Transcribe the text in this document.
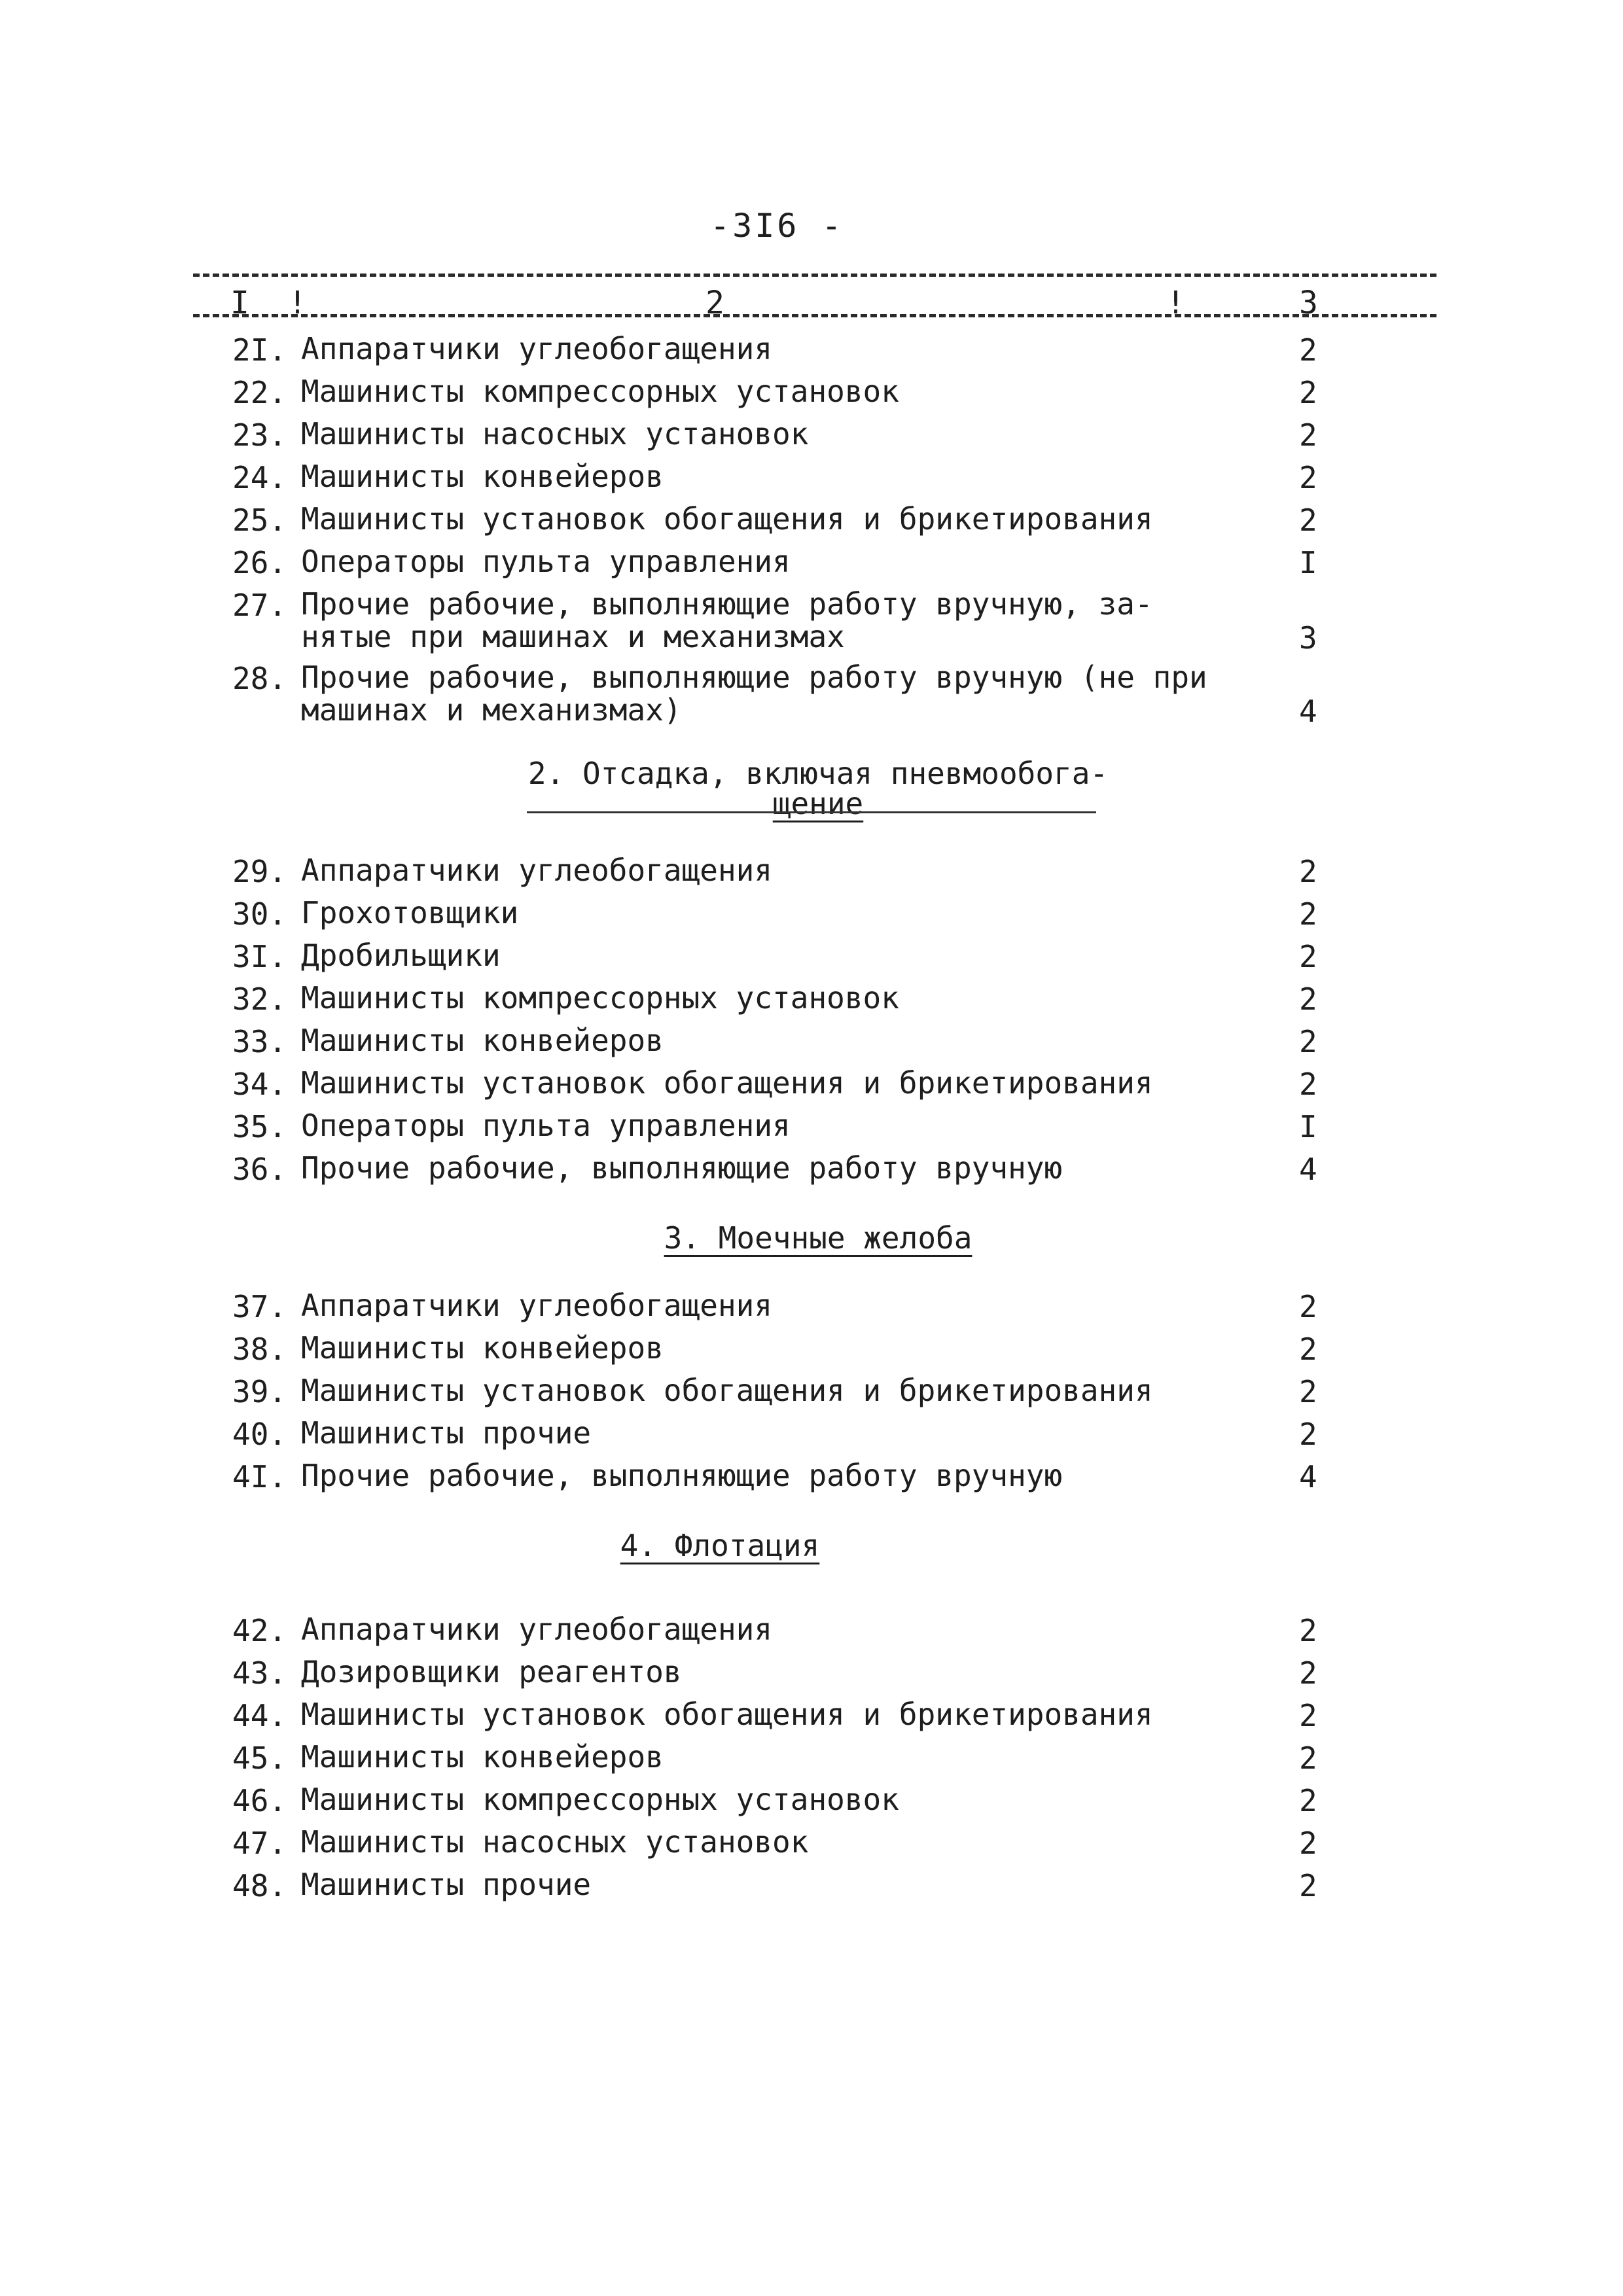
-3I6 -
I !	2	!	3
2I. Аппаратчики углеобогащения	2
22. Машинисты компрессорных установок	2
23. Машинисты насосных установок	2
24. Машинисты конвейеров	2
25. Машинисты установок обогащения и брикетирования	2
26. Операторы пульта управления	I
27. Прочие рабочие, выполняющие работу вручную, за-
нятые при машинах и механизмах	3
28. Прочие рабочие, выполняющие работу вручную (не при
машинах и механизмах)	4
29. Аппаратчики углеобогащения	2
30. Грохотовщики	2
3I. Дробильщики	2
32. Машинисты компрессорных установок	2
33. Машинисты конвейеров	2
34. Машинисты установок обогащения и брикетирования	2
35. Операторы пульта управления	I
36. Прочие рабочие, выполняющие работу вручную	4
37. Аппаратчики углеобогащения	2
38. Машинисты конвейеров	2
39. Машинисты установок обогащения и брикетирования	2
40. Машинисты прочие	2
4I. Прочие рабочие, выполняющие работу вручную	4
42. Аппаратчики углеобогащения	2
43. Дозировщики реагентов	2
44. Машинисты установок обогащения и брикетирования	2
45. Машинисты конвейеров	2
46. Машинисты компрессорных установок	2
47. Машинисты насосных установок	2
48. Машинисты прочие	2
2. Отсадка, включая пневмообога-
щение
3. Моечные желоба
4. Флотация
